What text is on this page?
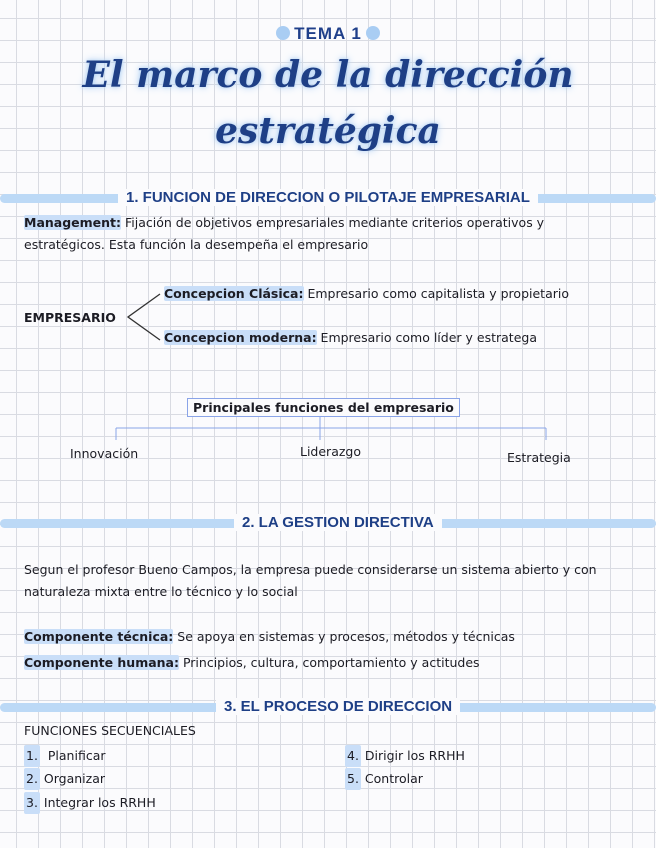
TEMA 1
El marco de la dirección
estratégica
1. FUNCION DE DIRECCION O PILOTAJE EMPRESARIAL
Management: Fijación de objetivos empresariales mediante criterios operativos y
estratégicos. Esta función la desempeña el empresario
EMPRESARIO
Concepcion Clásica: Empresario como capitalista y propietario
Concepcion moderna: Empresario como líder y estratega
Principales funciones del empresario
Innovación	Liderazgo	Estrategia
2. LA GESTION DIRECTIVA
Segun el profesor Bueno Campos, la empresa puede considerarse un sistema abierto y con
naturaleza mixta entre lo técnico y lo social
Componente técnica: Se apoya en sistemas y procesos, métodos y técnicas
Componente humana: Principios, cultura, comportamiento y actitudes
3. EL PROCESO DE DIRECCION
FUNCIONES SECUENCIALES
1.  Planificar
2. Organizar
3. Integrar los RRHH
4. Dirigir los RRHH
5. Controlar
